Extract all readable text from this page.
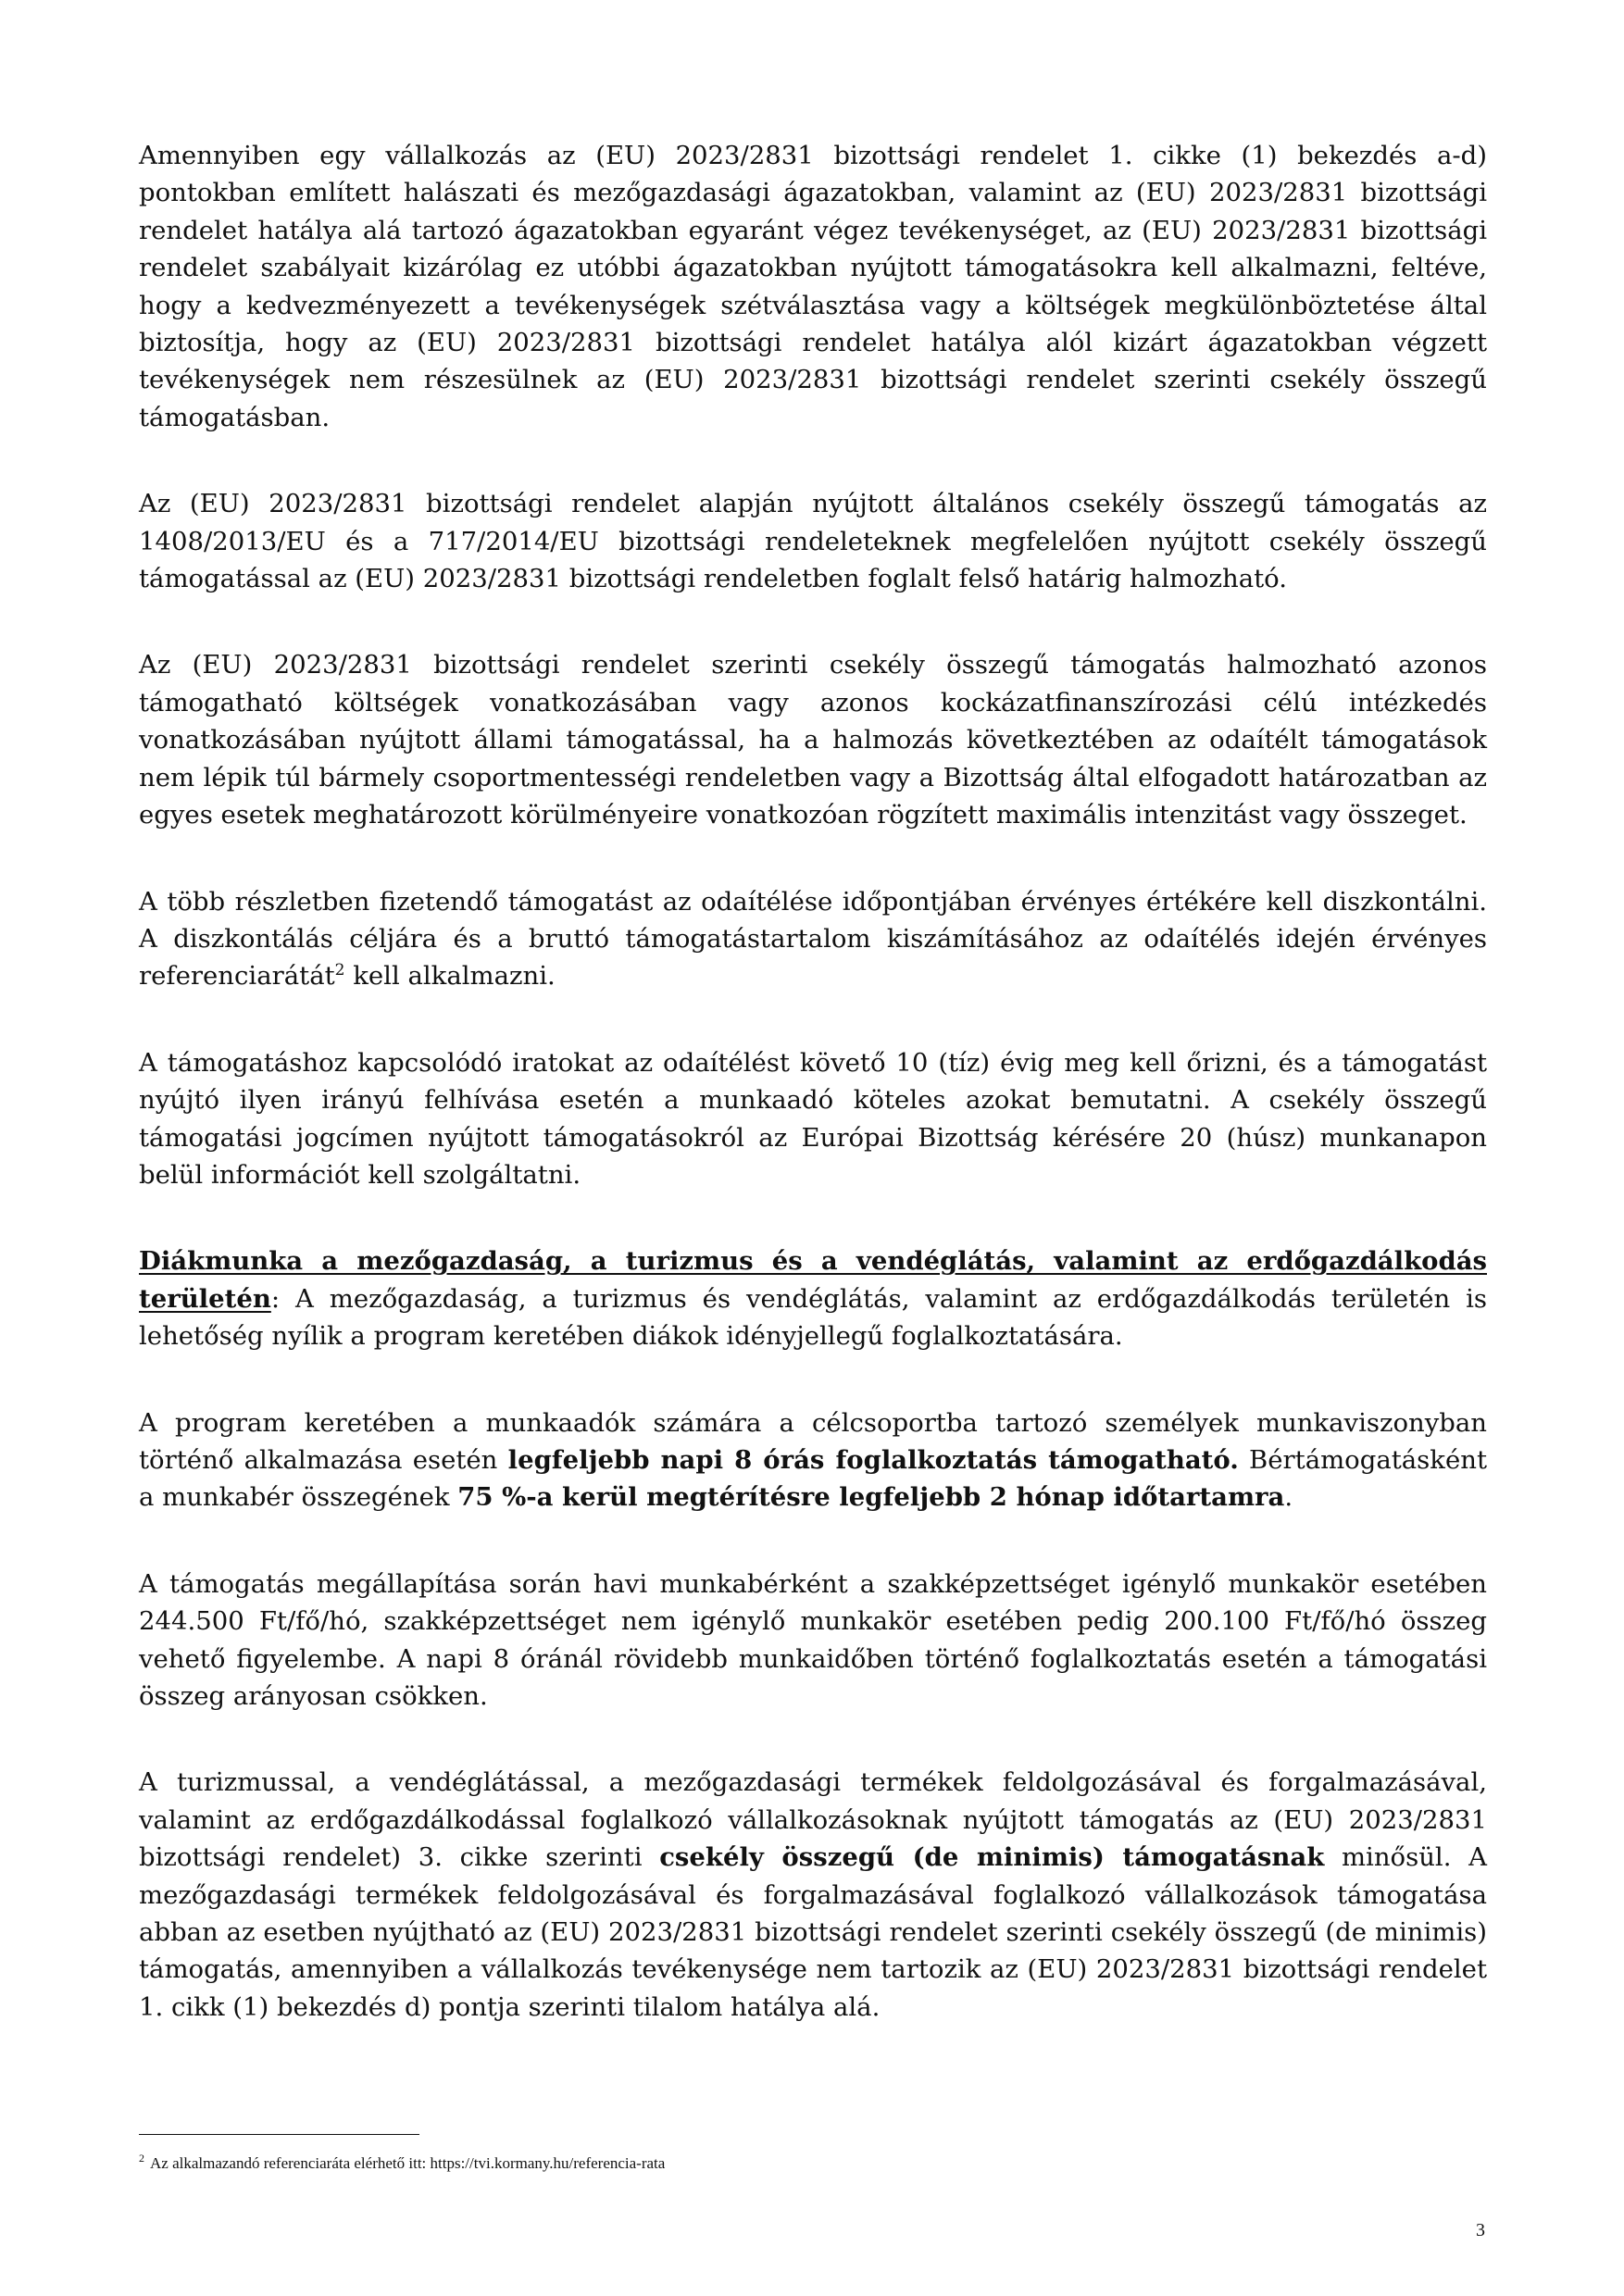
Amennyiben egy vállalkozás az (EU) 2023/2831 bizottsági rendelet 1. cikke (1) bekezdés a-d) pontokban említett halászati és mezőgazdasági ágazatokban, valamint az (EU) 2023/2831 bizottsági rendelet hatálya alá tartozó ágazatokban egyaránt végez tevékenységet, az (EU) 2023/2831 bizottsági rendelet szabályait kizárólag ez utóbbi ágazatokban nyújtott támogatásokra kell alkalmazni, feltéve, hogy a kedvezményezett a tevékenységek szétválasztása vagy a költségek megkülönböztetése által biztosítja, hogy az (EU) 2023/2831 bizottsági rendelet hatálya alól kizárt ágazatokban végzett tevékenységek nem részesülnek az (EU) 2023/2831 bizottsági rendelet szerinti csekély összegű támogatásban.

Az (EU) 2023/2831 bizottsági rendelet alapján nyújtott általános csekély összegű támogatás az 1408/2013/EU és a 717/2014/EU bizottsági rendeleteknek megfelelően nyújtott csekély összegű támogatással az (EU) 2023/2831 bizottsági rendeletben foglalt felső határig halmozható.

Az (EU) 2023/2831 bizottsági rendelet szerinti csekély összegű támogatás halmozható azonos támogatható költségek vonatkozásában vagy azonos kockázatfinanszírozási célú intézkedés vonatkozásában nyújtott állami támogatással, ha a halmozás következtében az odaítélt támogatások nem lépik túl bármely csoportmentességi rendeletben vagy a Bizottság által elfogadott határozatban az egyes esetek meghatározott körülményeire vonatkozóan rögzített maximális intenzitást vagy összeget.

A több részletben fizetendő támogatást az odaítélése időpontjában érvényes értékére kell diszkontálni. A diszkontálás céljára és a bruttó támogatástartalom kiszámításához az odaítélés idején érvényes referenciarátát$^2$ kell alkalmazni.

A támogatáshoz kapcsolódó iratokat az odaítélést követő 10 (tíz) évig meg kell őrizni, és a támogatást nyújtó ilyen irányú felhívása esetén a munkaadó köteles azokat bemutatni. A csekély összegű támogatási jogcímen nyújtott támogatásokról az Európai Bizottság kérésére 20 (húsz) munkanapon belül információt kell szolgáltatni.

Diákmunka a mezőgazdaság, a turizmus és a vendéglátás, valamint az erdőgazdálkodás területén: A mezőgazdaság, a turizmus és vendéglátás, valamint az erdőgazdálkodás területén is lehetőség nyílik a program keretében diákok idényjellegű foglalkoztatására.

A program keretében a munkaadók számára a célcsoportba tartozó személyek munkaviszonyban történő alkalmazása esetén legfeljebb napi 8 órás foglalkoztatás támogatható. Bértámogatásként a munkabér összegének 75 %-a kerül megtérítésre legfeljebb 2 hónap időtartamra.

A támogatás megállapítása során havi munkabérként a szakképzettséget igénylő munkakör esetében 244.500 Ft/fő/hó, szakképzettséget nem igénylő munkakör esetében pedig 200.100 Ft/fő/hó összeg vehető figyelembe. A napi 8 óránál rövidebb munkaidőben történő foglalkoztatás esetén a támogatási összeg arányosan csökken.

A turizmussal, a vendéglátással, a mezőgazdasági termékek feldolgozásával és forgalmazásával, valamint az erdőgazdálkodással foglalkozó vállalkozásoknak nyújtott támogatás az (EU) 2023/2831 bizottsági rendelet) 3. cikke szerinti csekély összegű (de minimis) támogatásnak minősül. A mezőgazdasági termékek feldolgozásával és forgalmazásával foglalkozó vállalkozások támogatása abban az esetben nyújtható az (EU) 2023/2831 bizottsági rendelet szerinti csekély összegű (de minimis) támogatás, amennyiben a vállalkozás tevékenysége nem tartozik az (EU) 2023/2831 bizottsági rendelet 1. cikk (1) bekezdés d) pontja szerinti tilalom hatálya alá.

$^2$ Az alkalmazandó referenciaráta elérhető itt: https://tvi.kormany.hu/referencia-rata
3
